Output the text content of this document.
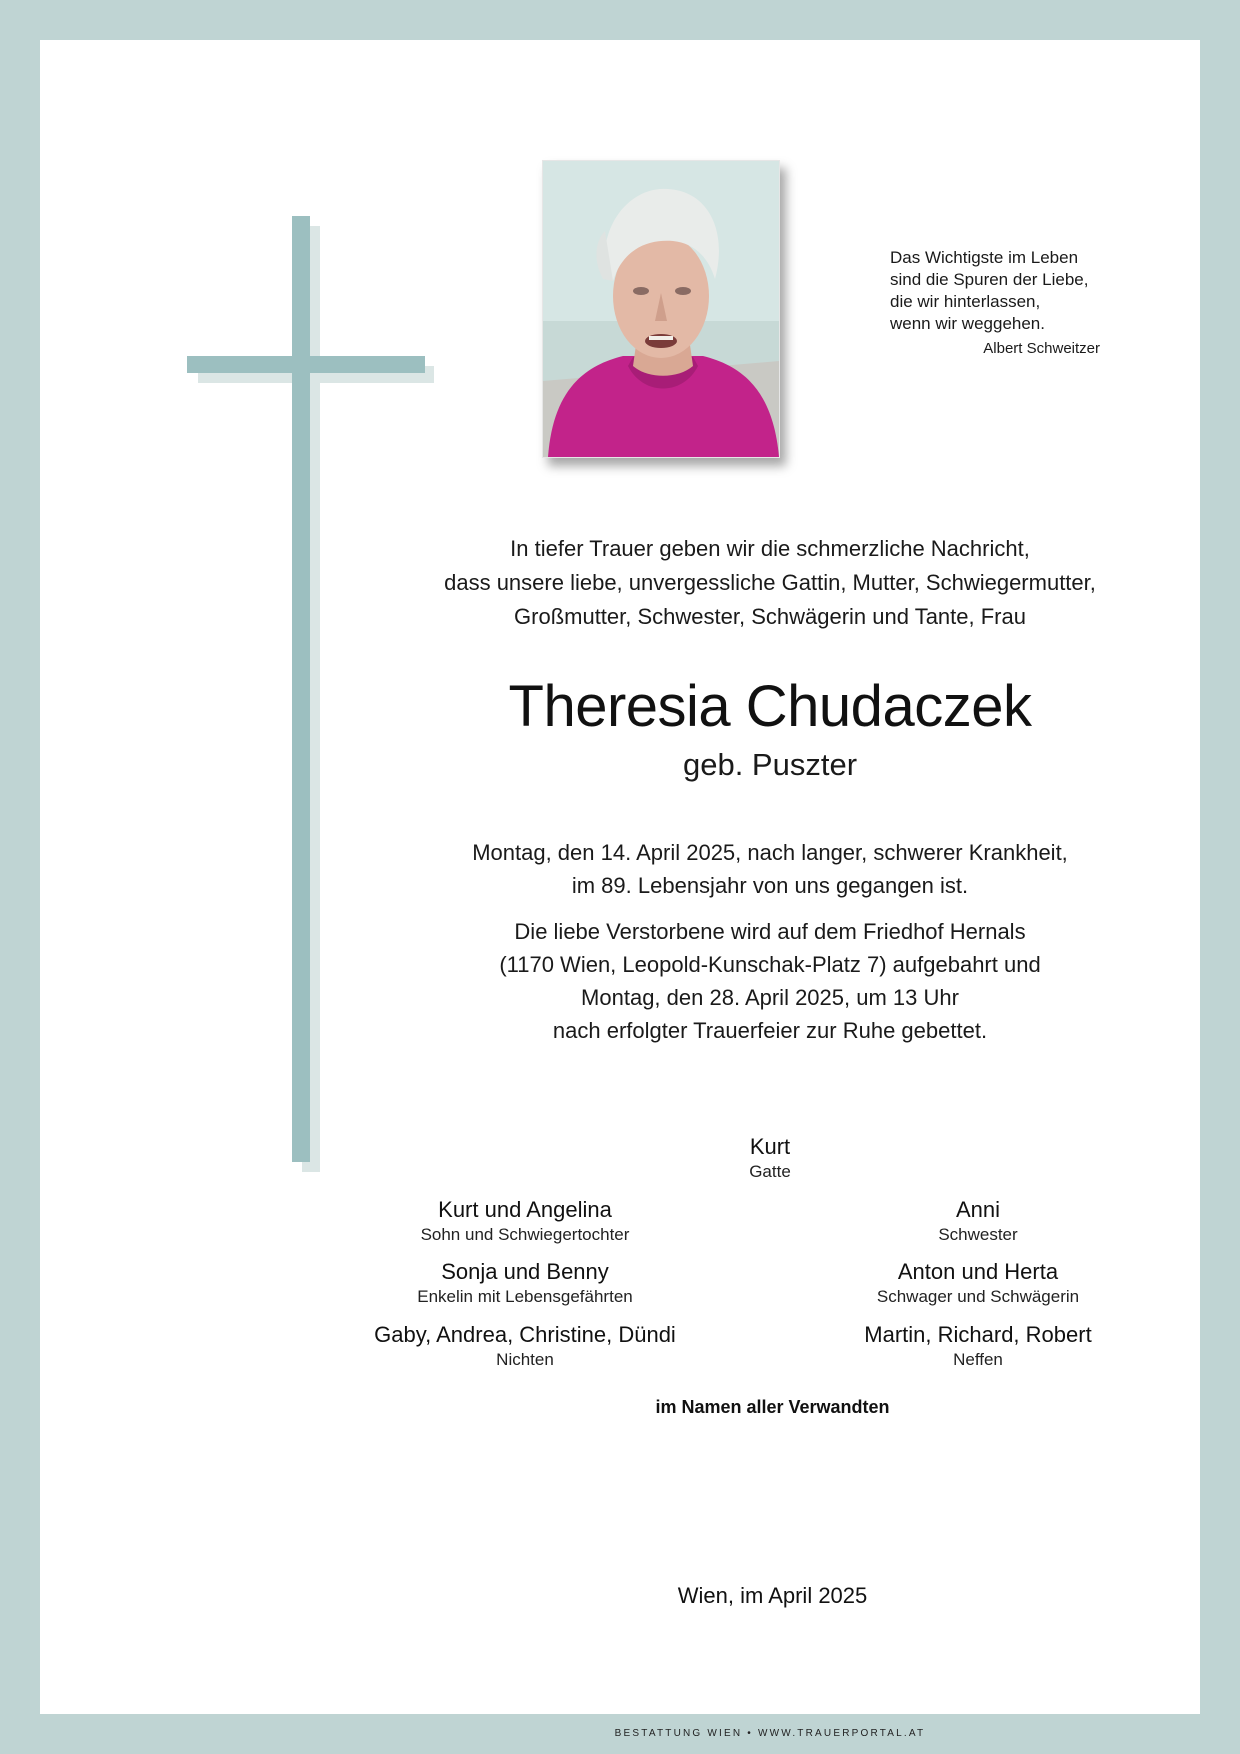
Das Wichtigste im Leben
sind die Spuren der Liebe,
die wir hinterlassen,
wenn wir weggehen.
Albert Schweitzer
In tiefer Trauer geben wir die schmerzliche Nachricht,
dass unsere liebe, unvergessliche Gattin, Mutter, Schwiegermutter,
Großmutter, Schwester, Schwägerin und Tante, Frau
Theresia Chudaczek
geb. Puszter
Montag, den 14. April 2025, nach langer, schwerer Krankheit,
im 89. Lebensjahr von uns gegangen ist.
Die liebe Verstorbene wird auf dem Friedhof Hernals
(1170 Wien, Leopold-Kunschak-Platz 7) aufgebahrt und
Montag, den 28. April 2025, um 13 Uhr
nach erfolgter Trauerfeier zur Ruhe gebettet.
Kurt
Gatte
Kurt und Angelina
Sohn und Schwiegertochter
Sonja und Benny
Enkelin mit Lebensgefährten
Gaby, Andrea, Christine, Dündi
Nichten
Anni
Schwester
Anton und Herta
Schwager und Schwägerin
Martin, Richard, Robert
Neffen
im Namen aller Verwandten
Wien, im April 2025
BESTATTUNG WIEN • WWW.TRAUERPORTAL.AT
